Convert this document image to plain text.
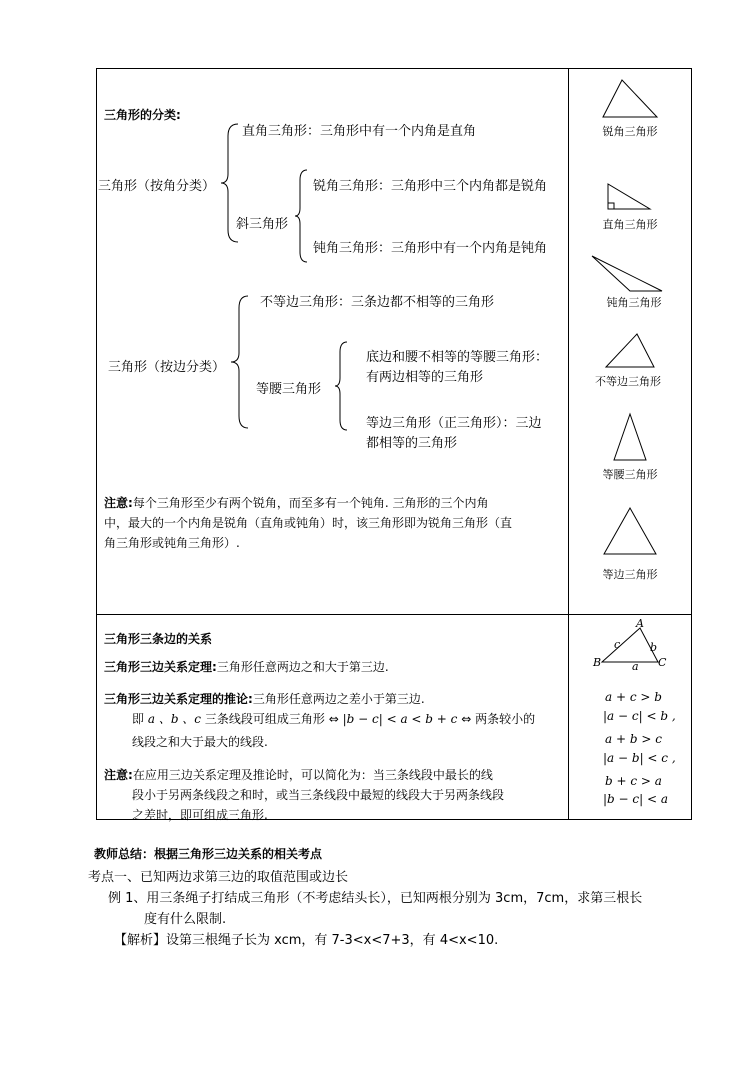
三角形的分类:
三角形（按角分类）
直角三角形：三角形中有一个内角是直角
斜三角形
锐角三角形：三角形中三个内角都是锐角
钝角三角形：三角形中有一个内角是钝角
不等边三角形：三条边都不相等的三角形
三角形（按边分类）
等腰三角形
底边和腰不相等的等腰三角形：
有两边相等的三角形
等边三角形（正三角形）：三边
都相等的三角形
注意:每个三角形至少有两个锐角，而至多有一个钝角. 三角形的三个内角
中，最大的一个内角是锐角（直角或钝角）时，该三角形即为锐角三角形（直
角三角形或钝角三角形）.
锐角三角形
直角三角形
钝角三角形
不等边三角形
等腰三角形
等边三角形
三角形三条边的关系
三角形三边关系定理:三角形任意两边之和大于第三边.
三角形三边关系定理的推论:三角形任意两边之差小于第三边.
即 a 、b 、c 三条线段可组成三角形 ⇔ |b − c| < a < b + c ⇔ 两条较小的
线段之和大于最大的线段.
注意:在应用三边关系定理及推论时，可以简化为：当三条线段中最长的线
段小于另两条线段之和时，或当三条线段中最短的线段大于另两条线段
之差时，即可组成三角形.
A
B	C
c	b
a
a + c > b
|a − c| < b ,
a + b > c
|a − b| < c ,
b + c > a
|b − c| < a
教师总结：根据三角形三边关系的相关考点
考点一、已知两边求第三边的取值范围或边长
例 1、用三条绳子打结成三角形（不考虑结头长），已知两根分别为 3cm，7cm，求第三根长
度有什么限制.
【解析】设第三根绳子长为 xcm，有 7-3<x<7+3，有 4<x<10.
